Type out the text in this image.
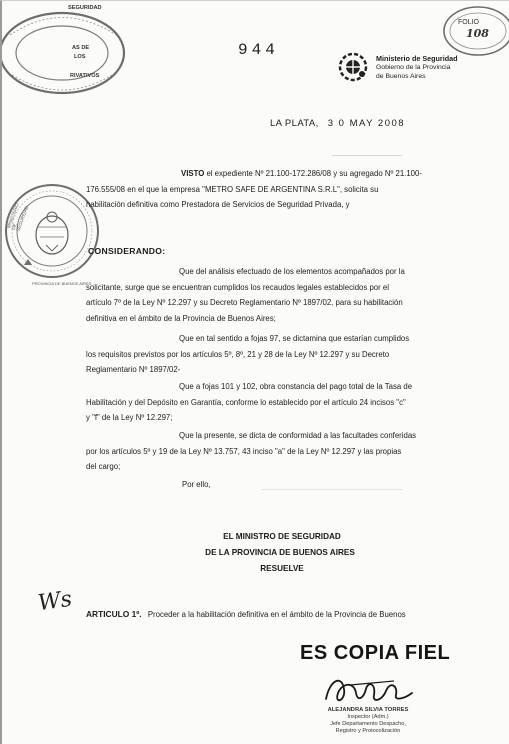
SEGURIDAD
AS DE
LOS
RIVATIVOS
944	Ministerio de Seguridad
Gobierno de la Provincia
de Buenos Aires
FOLIO
108
LA PLATA, 3 0 MAY 2008
MINISTERIO DE SEGURIDAD
PROVINCIA DE BUENOS AIRES
VISTO el expediente Nº 21.100-172.286/08 y su agregado Nº 21.100-
176.555/08 en el que la empresa "METRO SAFE DE ARGENTINA S.R.L", solicita su
habilitación definitiva como Prestadora de Servicios de Seguridad Privada, y
CONSIDERANDO:
Que del análisis efectuado de los elementos acompañados por la
solicitante, surge que se encuentran cumplidos los recaudos legales establecidos por el
artículo 7º de la Ley Nº 12.297 y su Decreto Reglamentario Nº 1897/02, para su habilitación
definitiva en el ámbito de la Provincia de Buenos Aires;
Que en tal sentido a fojas 97, se dictamina que estarían cumplidos
los requisitos previstos por los artículos 5º, 8º, 21 y 28 de la Ley Nº 12.297 y su Decreto
Reglamentario Nº 1897/02-
Que a fojas 101 y 102, obra constancia del pago total de la Tasa de
Habilitación y del Depósito en Garantía, conforme lo establecido por el artículo 24 incisos "c"
y "f" de la Ley Nº 12.297;
Que la presente, se dicta de conformidad a las facultades conferidas
por los artículos 5º y 19 de la Ley Nº 13.757, 43 inciso "a" de la Ley Nº 12.297 y las propias
del cargo;
Por ello,
EL MINISTRO DE SEGURIDAD
DE LA PROVINCIA DE BUENOS AIRES
RESUELVE
Ws ARTICULO 1º. Proceder a la habilitación definitiva en el ámbito de la Provincia de Buenos
ES COPIA FIEL
ALEJANDRA SILVIA TORRES
Inspector (Adm.)
Jefe Departamento Despacho,
Registro y Protocolización
